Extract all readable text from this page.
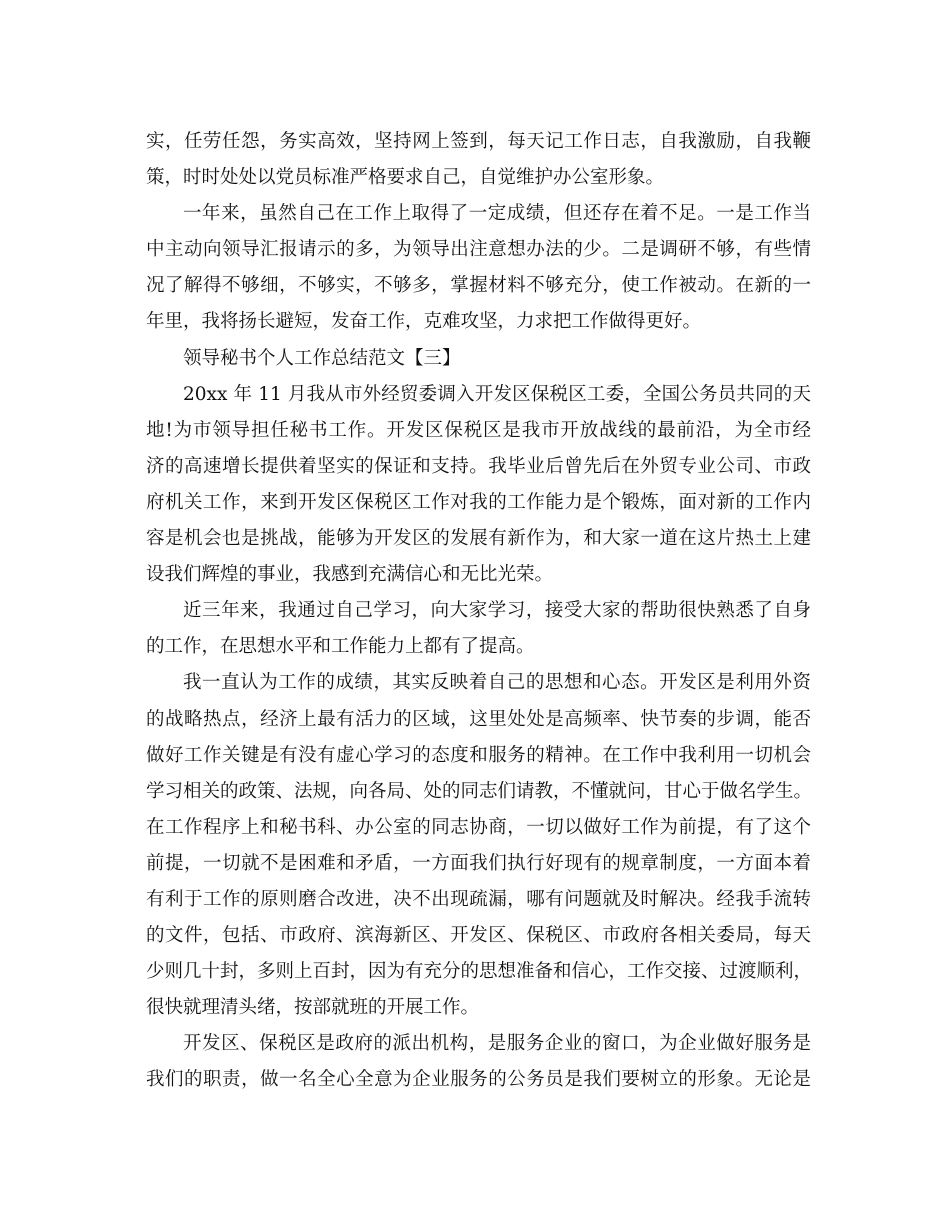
实，任劳任怨，务实高效，坚持网上签到，每天记工作日志，自我激励，自我鞭
策，时时处处以党员标准严格要求自己，自觉维护办公室形象。
一年来，虽然自己在工作上取得了一定成绩，但还存在着不足。一是工作当
中主动向领导汇报请示的多，为领导出注意想办法的少。二是调研不够，有些情
况了解得不够细，不够实，不够多，掌握材料不够充分，使工作被动。在新的一
年里，我将扬长避短，发奋工作，克难攻坚，力求把工作做得更好。
领导秘书个人工作总结范文【三】
20xx 年 11 月我从市外经贸委调入开发区保税区工委，全国公务员共同的天
地!为市领导担任秘书工作。开发区保税区是我市开放战线的最前沿，为全市经
济的高速增长提供着坚实的保证和支持。我毕业后曾先后在外贸专业公司、市政
府机关工作，来到开发区保税区工作对我的工作能力是个锻炼，面对新的工作内
容是机会也是挑战，能够为开发区的发展有新作为，和大家一道在这片热土上建
设我们辉煌的事业，我感到充满信心和无比光荣。
近三年来，我通过自己学习，向大家学习，接受大家的帮助很快熟悉了自身
的工作，在思想水平和工作能力上都有了提高。
我一直认为工作的成绩，其实反映着自己的思想和心态。开发区是利用外资
的战略热点，经济上最有活力的区域，这里处处是高频率、快节奏的步调，能否
做好工作关键是有没有虚心学习的态度和服务的精神。在工作中我利用一切机会
学习相关的政策、法规，向各局、处的同志们请教，不懂就问，甘心于做名学生。
在工作程序上和秘书科、办公室的同志协商，一切以做好工作为前提，有了这个
前提，一切就不是困难和矛盾，一方面我们执行好现有的规章制度，一方面本着
有利于工作的原则磨合改进，决不出现疏漏，哪有问题就及时解决。经我手流转
的文件，包括、市政府、滨海新区、开发区、保税区、市政府各相关委局，每天
少则几十封，多则上百封，因为有充分的思想准备和信心，工作交接、过渡顺利，
很快就理清头绪，按部就班的开展工作。
开发区、保税区是政府的派出机构，是服务企业的窗口，为企业做好服务是
我们的职责，做一名全心全意为企业服务的公务员是我们要树立的形象。无论是
